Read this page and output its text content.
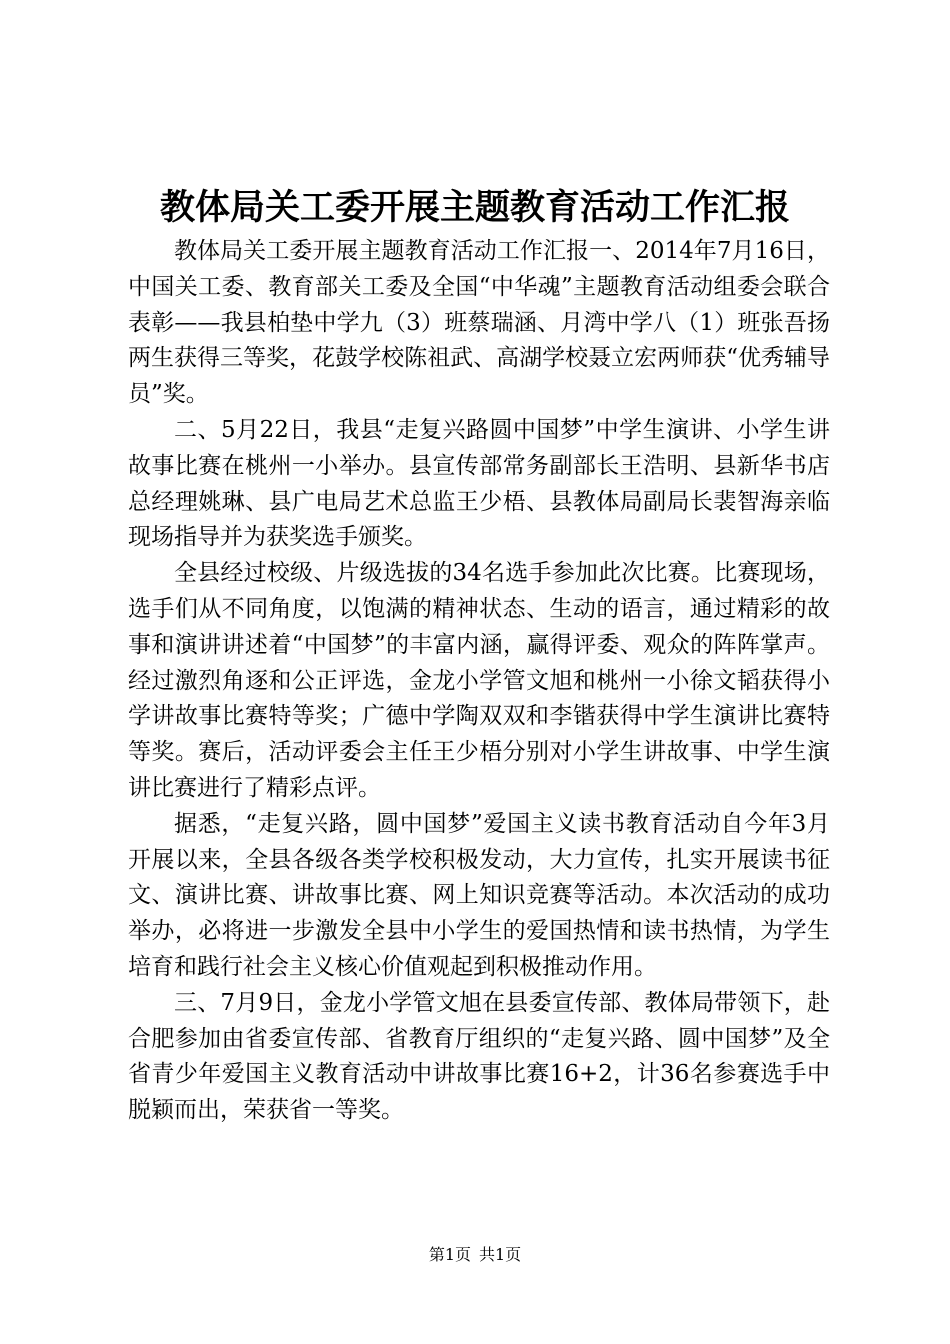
教体局关工委开展主题教育活动工作汇报

教体局关工委开展主题教育活动工作汇报一、2014年7月16日，中国关工委、教育部关工委及全国“中华魂”主题教育活动组委会联合表彰——我县柏垫中学九（3）班蔡瑞涵、月湾中学八（1）班张吾扬两生获得三等奖，花鼓学校陈祖武、高湖学校聂立宏两师获“优秀辅导员”奖。

二、5月22日，我县“走复兴路圆中国梦”中学生演讲、小学生讲故事比赛在桃州一小举办。县宣传部常务副部长王浩明、县新华书店总经理姚琳、县广电局艺术总监王少梧、县教体局副局长裴智海亲临现场指导并为获奖选手颁奖。

全县经过校级、片级选拔的34名选手参加此次比赛。比赛现场，选手们从不同角度，以饱满的精神状态、生动的语言，通过精彩的故事和演讲讲述着“中国梦”的丰富内涵，赢得评委、观众的阵阵掌声。经过激烈角逐和公正评选，金龙小学管文旭和桃州一小徐文韬获得小学讲故事比赛特等奖；广德中学陶双双和李锴获得中学生演讲比赛特等奖。赛后，活动评委会主任王少梧分别对小学生讲故事、中学生演讲比赛进行了精彩点评。

据悉，“走复兴路，圆中国梦”爱国主义读书教育活动自今年3月开展以来，全县各级各类学校积极发动，大力宣传，扎实开展读书征文、演讲比赛、讲故事比赛、网上知识竞赛等活动。本次活动的成功举办，必将进一步激发全县中小学生的爱国热情和读书热情，为学生培育和践行社会主义核心价值观起到积极推动作用。

三、7月9日，金龙小学管文旭在县委宣传部、教体局带领下，赴合肥参加由省委宣传部、省教育厅组织的“走复兴路、圆中国梦”及全省青少年爱国主义教育活动中讲故事比赛16+2，计36名参赛选手中脱颖而出，荣获省一等奖。

第1页 共1页
